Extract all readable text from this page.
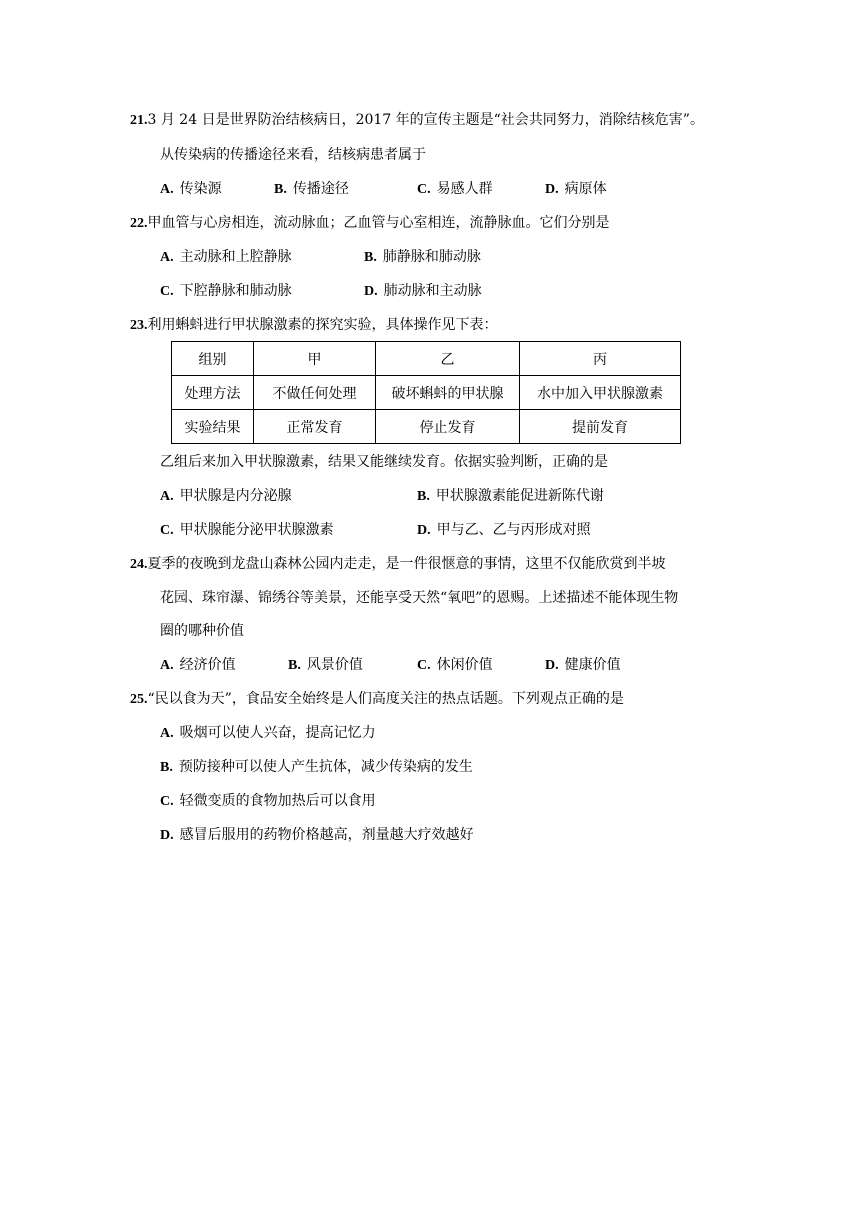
21.3 月 24 日是世界防治结核病日，2017 年的宣传主题是“社会共同努力，消除结核危害”。
从传染病的传播途径来看，结核病患者属于
A. 传染源	B. 传播途径	C. 易感人群	D. 病原体
22.甲血管与心房相连，流动脉血；乙血管与心室相连，流静脉血。它们分别是
A. 主动脉和上腔静脉	B. 肺静脉和肺动脉
C. 下腔静脉和肺动脉	D. 肺动脉和主动脉
23.利用蝌蚪进行甲状腺激素的探究实验，具体操作见下表：
组别	甲	乙	丙
处理方法	不做任何处理	破坏蝌蚪的甲状腺	水中加入甲状腺激素
实验结果	正常发育	停止发育	提前发育
乙组后来加入甲状腺激素，结果又能继续发育。依据实验判断，正确的是
A. 甲状腺是内分泌腺	B. 甲状腺激素能促进新陈代谢
C. 甲状腺能分泌甲状腺激素	D. 甲与乙、乙与丙形成对照
24.夏季的夜晚到龙盘山森林公园内走走，是一件很惬意的事情，这里不仅能欣赏到半坡
花园、珠帘瀑、锦绣谷等美景，还能享受天然“氧吧”的恩赐。上述描述不能体现生物
圈的哪种价值
A. 经济价值	B. 风景价值	C. 休闲价值	D. 健康价值
25.“民以食为天”，食品安全始终是人们高度关注的热点话题。下列观点正确的是
A. 吸烟可以使人兴奋，提高记忆力
B. 预防接种可以使人产生抗体，减少传染病的发生
C. 轻微变质的食物加热后可以食用
D. 感冒后服用的药物价格越高，剂量越大疗效越好
